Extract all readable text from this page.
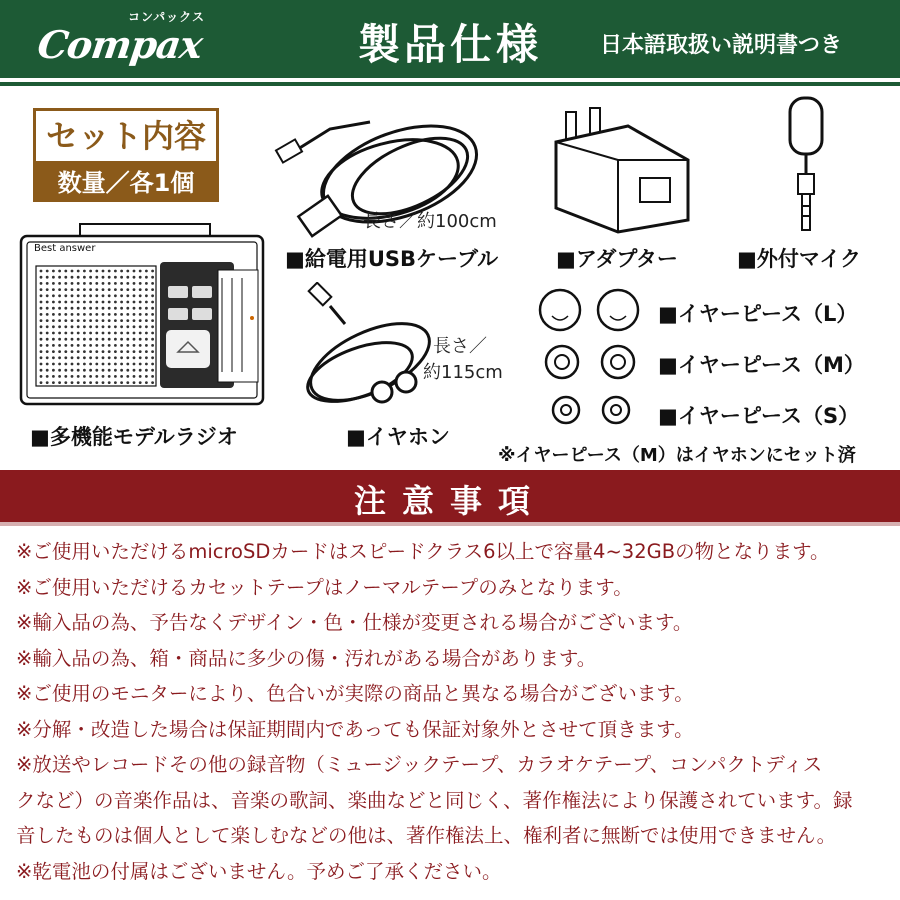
コンパックス
Compax	製品仕様	日本語取扱い説明書つき
セット内容
数量／各1個
Best answer
■多機能モデルラジオ
長さ／約100cm
■給電用USBケーブル	■アダプター	■外付マイク
長さ／
約115cm
■イヤホン
■イヤーピース（L）
■イヤーピース（M）
■イヤーピース（S）
※イヤーピース（M）はイヤホンにセット済
注意事項
※ご使用いただけるmicroSDカードはスピードクラス6以上で容量4~32GBの物となります。
※ご使用いただけるカセットテープはノーマルテープのみとなります。
※輸入品の為、予告なくデザイン・色・仕様が変更される場合がございます。
※輸入品の為、箱・商品に多少の傷・汚れがある場合があります。
※ご使用のモニターにより、色合いが実際の商品と異なる場合がございます。
※分解・改造した場合は保証期間内であっても保証対象外とさせて頂きます。
※放送やレコードその他の録音物（ミュージックテープ、カラオケテープ、コンパクトディス
クなど）の音楽作品は、音楽の歌詞、楽曲などと同じく、著作権法により保護されています。録
音したものは個人として楽しむなどの他は、著作権法上、権利者に無断では使用できません。
※乾電池の付属はございません。予めご了承ください。
